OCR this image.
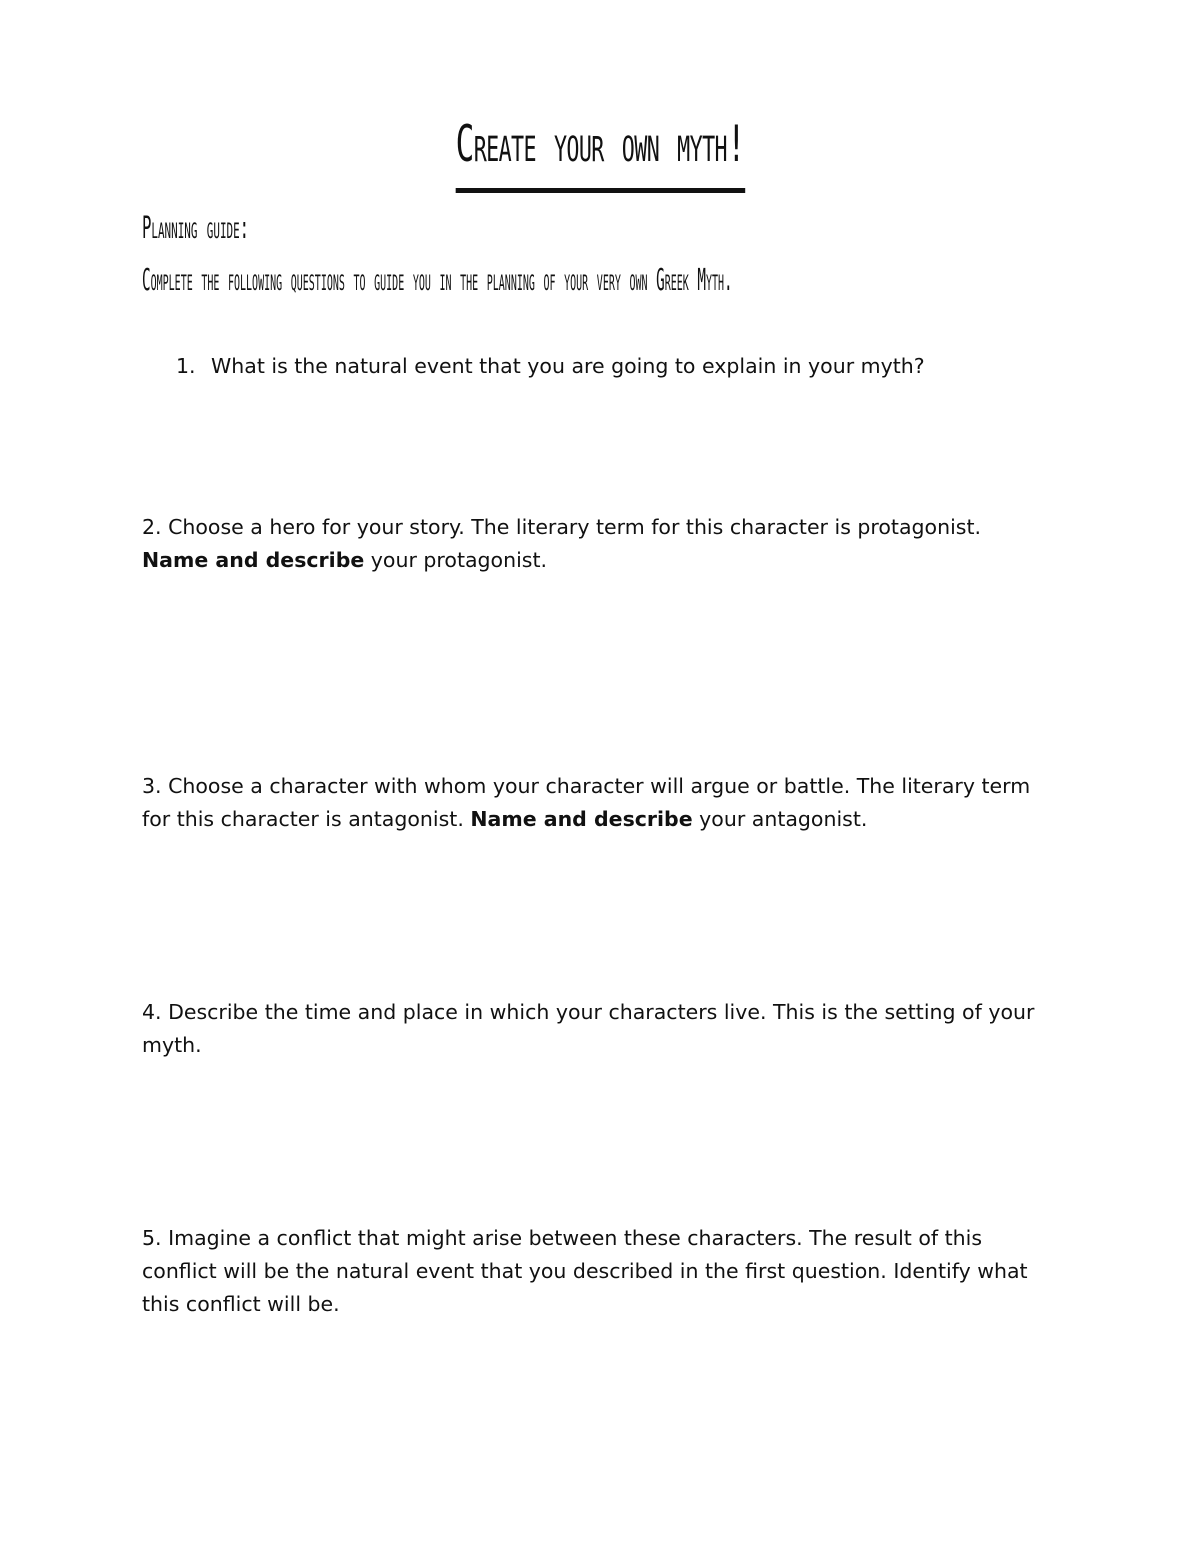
Create your own myth!

Planning guide:

Complete the following questions to guide you in the planning of your very own Greek Myth.

1. What is the natural event that you are going to explain in your myth?

2. Choose a hero for your story. The literary term for this character is protagonist.
Name and describe your protagonist.

3. Choose a character with whom your character will argue or battle. The literary term for this character is antagonist. Name and describe your antagonist.

4. Describe the time and place in which your characters live. This is the setting of your myth.

5. Imagine a conflict that might arise between these characters. The result of this conflict will be the natural event that you described in the first question. Identify what this conflict will be.
